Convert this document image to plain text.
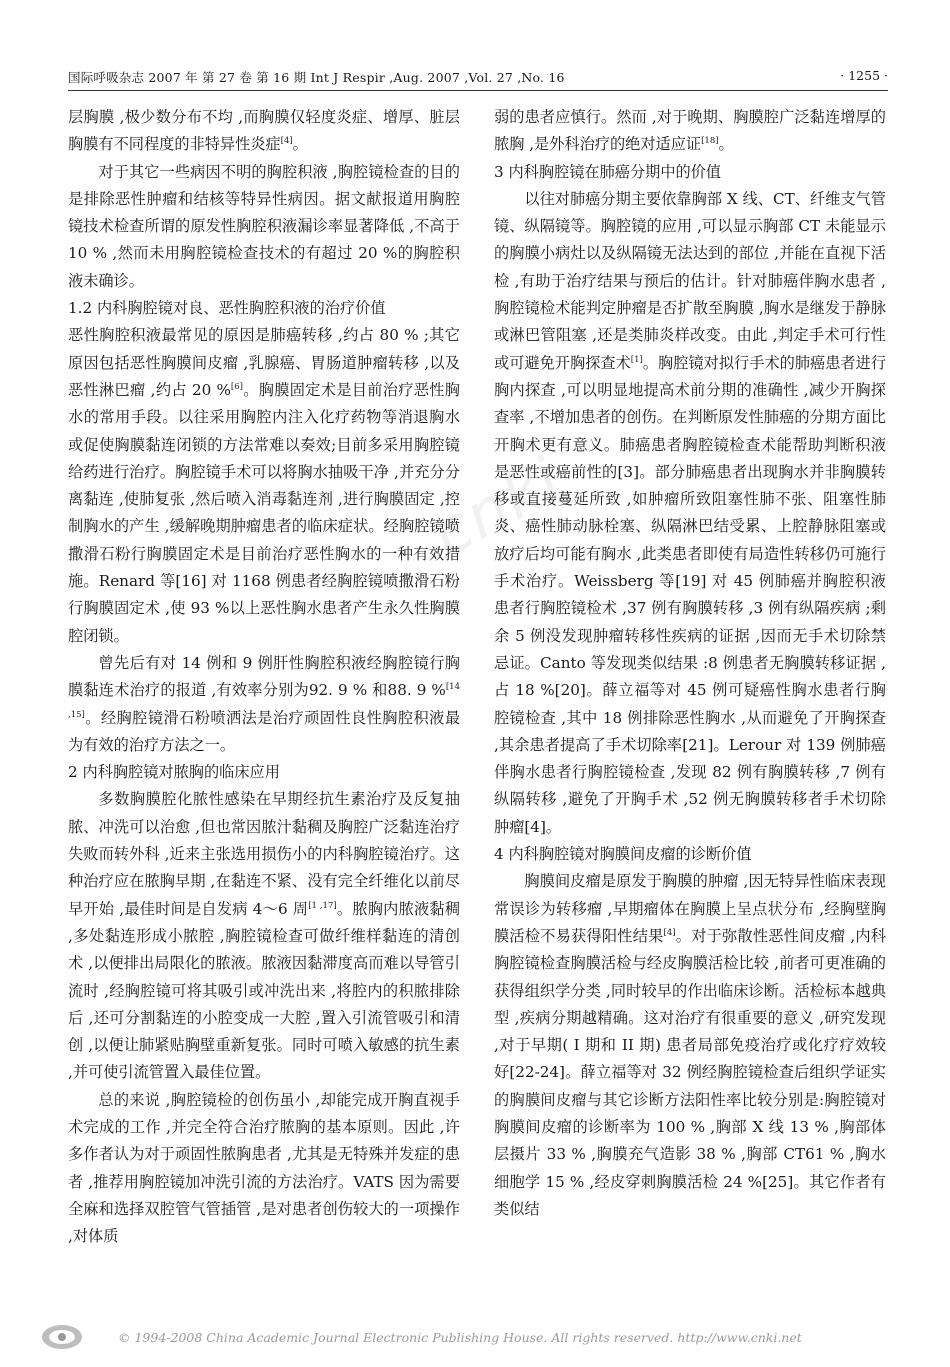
国际呼吸杂志 2007 年 第 27 卷 第 16 期 Int J Respir ,Aug. 2007 ,Vol. 27 ,No. 16	· 1255 ·
cnki

层胸膜 ,极少数分布不均 ,而胸膜仅轻度炎症、增厚、脏层胸膜有不同程度的非特异性炎症[4]。

对于其它一些病因不明的胸腔积液 ,胸腔镜检查的目的是排除恶性肿瘤和结核等特异性病因。据文献报道用胸腔镜技术检查所谓的原发性胸腔积液漏诊率显著降低 ,不高于 10 % ,然而未用胸腔镜检查技术的有超过 20 %的胸腔积液未确诊。

1.2 内科胸腔镜对良、恶性胸腔积液的治疗价值

恶性胸腔积液最常见的原因是肺癌转移 ,约占 80 % ;其它原因包括恶性胸膜间皮瘤 ,乳腺癌、胃肠道肿瘤转移 ,以及恶性淋巴瘤 ,约占 20 %[6]。胸膜固定术是目前治疗恶性胸水的常用手段。以往采用胸腔内注入化疗药物等消退胸水或促使胸膜黏连闭锁的方法常难以奏效;目前多采用胸腔镜给药进行治疗。胸腔镜手术可以将胸水抽吸干净 ,并充分分离黏连 ,使肺复张 ,然后喷入消毒黏连剂 ,进行胸膜固定 ,控制胸水的产生 ,缓解晚期肿瘤患者的临床症状。经胸腔镜喷撒滑石粉行胸膜固定术是目前治疗恶性胸水的一种有效措施。Renard 等[16] 对 1168 例患者经胸腔镜喷撒滑石粉行胸膜固定术 ,使 93 %以上恶性胸水患者产生永久性胸膜腔闭锁。

曾先后有对 14 例和 9 例肝性胸腔积液经胸腔镜行胸膜黏连术治疗的报道 ,有效率分别为92. 9 % 和88. 9 %[14 ,15]。经胸腔镜滑石粉喷洒法是治疗顽固性良性胸腔积液最为有效的治疗方法之一。

2 内科胸腔镜对脓胸的临床应用

多数胸膜腔化脓性感染在早期经抗生素治疗及反复抽脓、冲洗可以治愈 ,但也常因脓汁黏稠及胸腔广泛黏连治疗失败而转外科 ,近来主张选用损伤小的内科胸腔镜治疗。这种治疗应在脓胸早期 ,在黏连不紧、没有完全纤维化以前尽早开始 ,最佳时间是自发病 4～6 周[1 ,17]。脓胸内脓液黏稠 ,多处黏连形成小脓腔 ,胸腔镜检查可做纤维样黏连的清创术 ,以便排出局限化的脓液。脓液因黏滞度高而难以导管引流时 ,经胸腔镜可将其吸引或冲洗出来 ,将腔内的积脓排除后 ,还可分割黏连的小腔变成一大腔 ,置入引流管吸引和清创 ,以便让肺紧贴胸壁重新复张。同时可喷入敏感的抗生素 ,并可使引流管置入最佳位置。

总的来说 ,胸腔镜检的创伤虽小 ,却能完成开胸直视手术完成的工作 ,并完全符合治疗脓胸的基本原则。因此 ,许多作者认为对于顽固性脓胸患者 ,尤其是无特殊并发症的患者 ,推荐用胸腔镜加冲洗引流的方法治疗。VATS 因为需要全麻和选择双腔管气管插管 ,是对患者创伤较大的一项操作 ,对体质

弱的患者应慎行。然而 ,对于晚期、胸膜腔广泛黏连增厚的脓胸 ,是外科治疗的绝对适应证[18]。

3 内科胸腔镜在肺癌分期中的价值

以往对肺癌分期主要依靠胸部 X 线、CT、纤维支气管镜、纵隔镜等。胸腔镜的应用 ,可以显示胸部 CT 未能显示的胸膜小病灶以及纵隔镜无法达到的部位 ,并能在直视下活检 ,有助于治疗结果与预后的估计。针对肺癌伴胸水患者 ,胸腔镜检术能判定肿瘤是否扩散至胸膜 ,胸水是继发于静脉或淋巴管阻塞 ,还是类肺炎样改变。由此 ,判定手术可行性或可避免开胸探查术[1]。胸腔镜对拟行手术的肺癌患者进行胸内探查 ,可以明显地提高术前分期的准确性 ,减少开胸探查率 ,不增加患者的创伤。在判断原发性肺癌的分期方面比开胸术更有意义。肺癌患者胸腔镜检查术能帮助判断积液是恶性或癌前性的[3]。部分肺癌患者出现胸水并非胸膜转移或直接蔓延所致 ,如肿瘤所致阻塞性肺不张、阻塞性肺炎、癌性肺动脉栓塞、纵隔淋巴结受累、上腔静脉阻塞或放疗后均可能有胸水 ,此类患者即使有局造性转移仍可施行手术治疗。Weissberg 等[19] 对 45 例肺癌并胸腔积液患者行胸腔镜检术 ,37 例有胸膜转移 ,3 例有纵隔疾病 ;剩余 5 例没发现肿瘤转移性疾病的证据 ,因而无手术切除禁忌证。Canto 等发现类似结果 :8 例患者无胸膜转移证据 ,占 18 %[20]。薛立福等对 45 例可疑癌性胸水患者行胸腔镜检查 ,其中 18 例排除恶性胸水 ,从而避免了开胸探查 ,其余患者提高了手术切除率[21]。Lerour 对 139 例肺癌伴胸水患者行胸腔镜检查 ,发现 82 例有胸膜转移 ,7 例有纵隔转移 ,避免了开胸手术 ,52 例无胸膜转移者手术切除肿瘤[4]。

4 内科胸腔镜对胸膜间皮瘤的诊断价值

胸膜间皮瘤是原发于胸膜的肿瘤 ,因无特异性临床表现常误诊为转移瘤 ,早期瘤体在胸膜上呈点状分布 ,经胸壁胸膜活检不易获得阳性结果[4]。对于弥散性恶性间皮瘤 ,内科胸腔镜检查胸膜活检与经皮胸膜活检比较 ,前者可更准确的获得组织学分类 ,同时较早的作出临床诊断。活检标本越典型 ,疾病分期越精确。这对治疗有很重要的意义 ,研究发现 ,对于早期( I 期和 II 期) 患者局部免疫治疗或化疗疗效较好[22-24]。薛立福等对 32 例经胸腔镜检查后组织学证实的胸膜间皮瘤与其它诊断方法阳性率比较分别是:胸腔镜对胸膜间皮瘤的诊断率为 100 % ,胸部 X 线 13 % ,胸部体层摄片 33 % ,胸膜充气造影 38 % ,胸部 CT61 % ,胸水细胞学 15 % ,经皮穿刺胸膜活检 24 %[25]。其它作者有类似结

© 1994-2008 China Academic Journal Electronic Publishing House. All rights reserved. http://www.cnki.net
